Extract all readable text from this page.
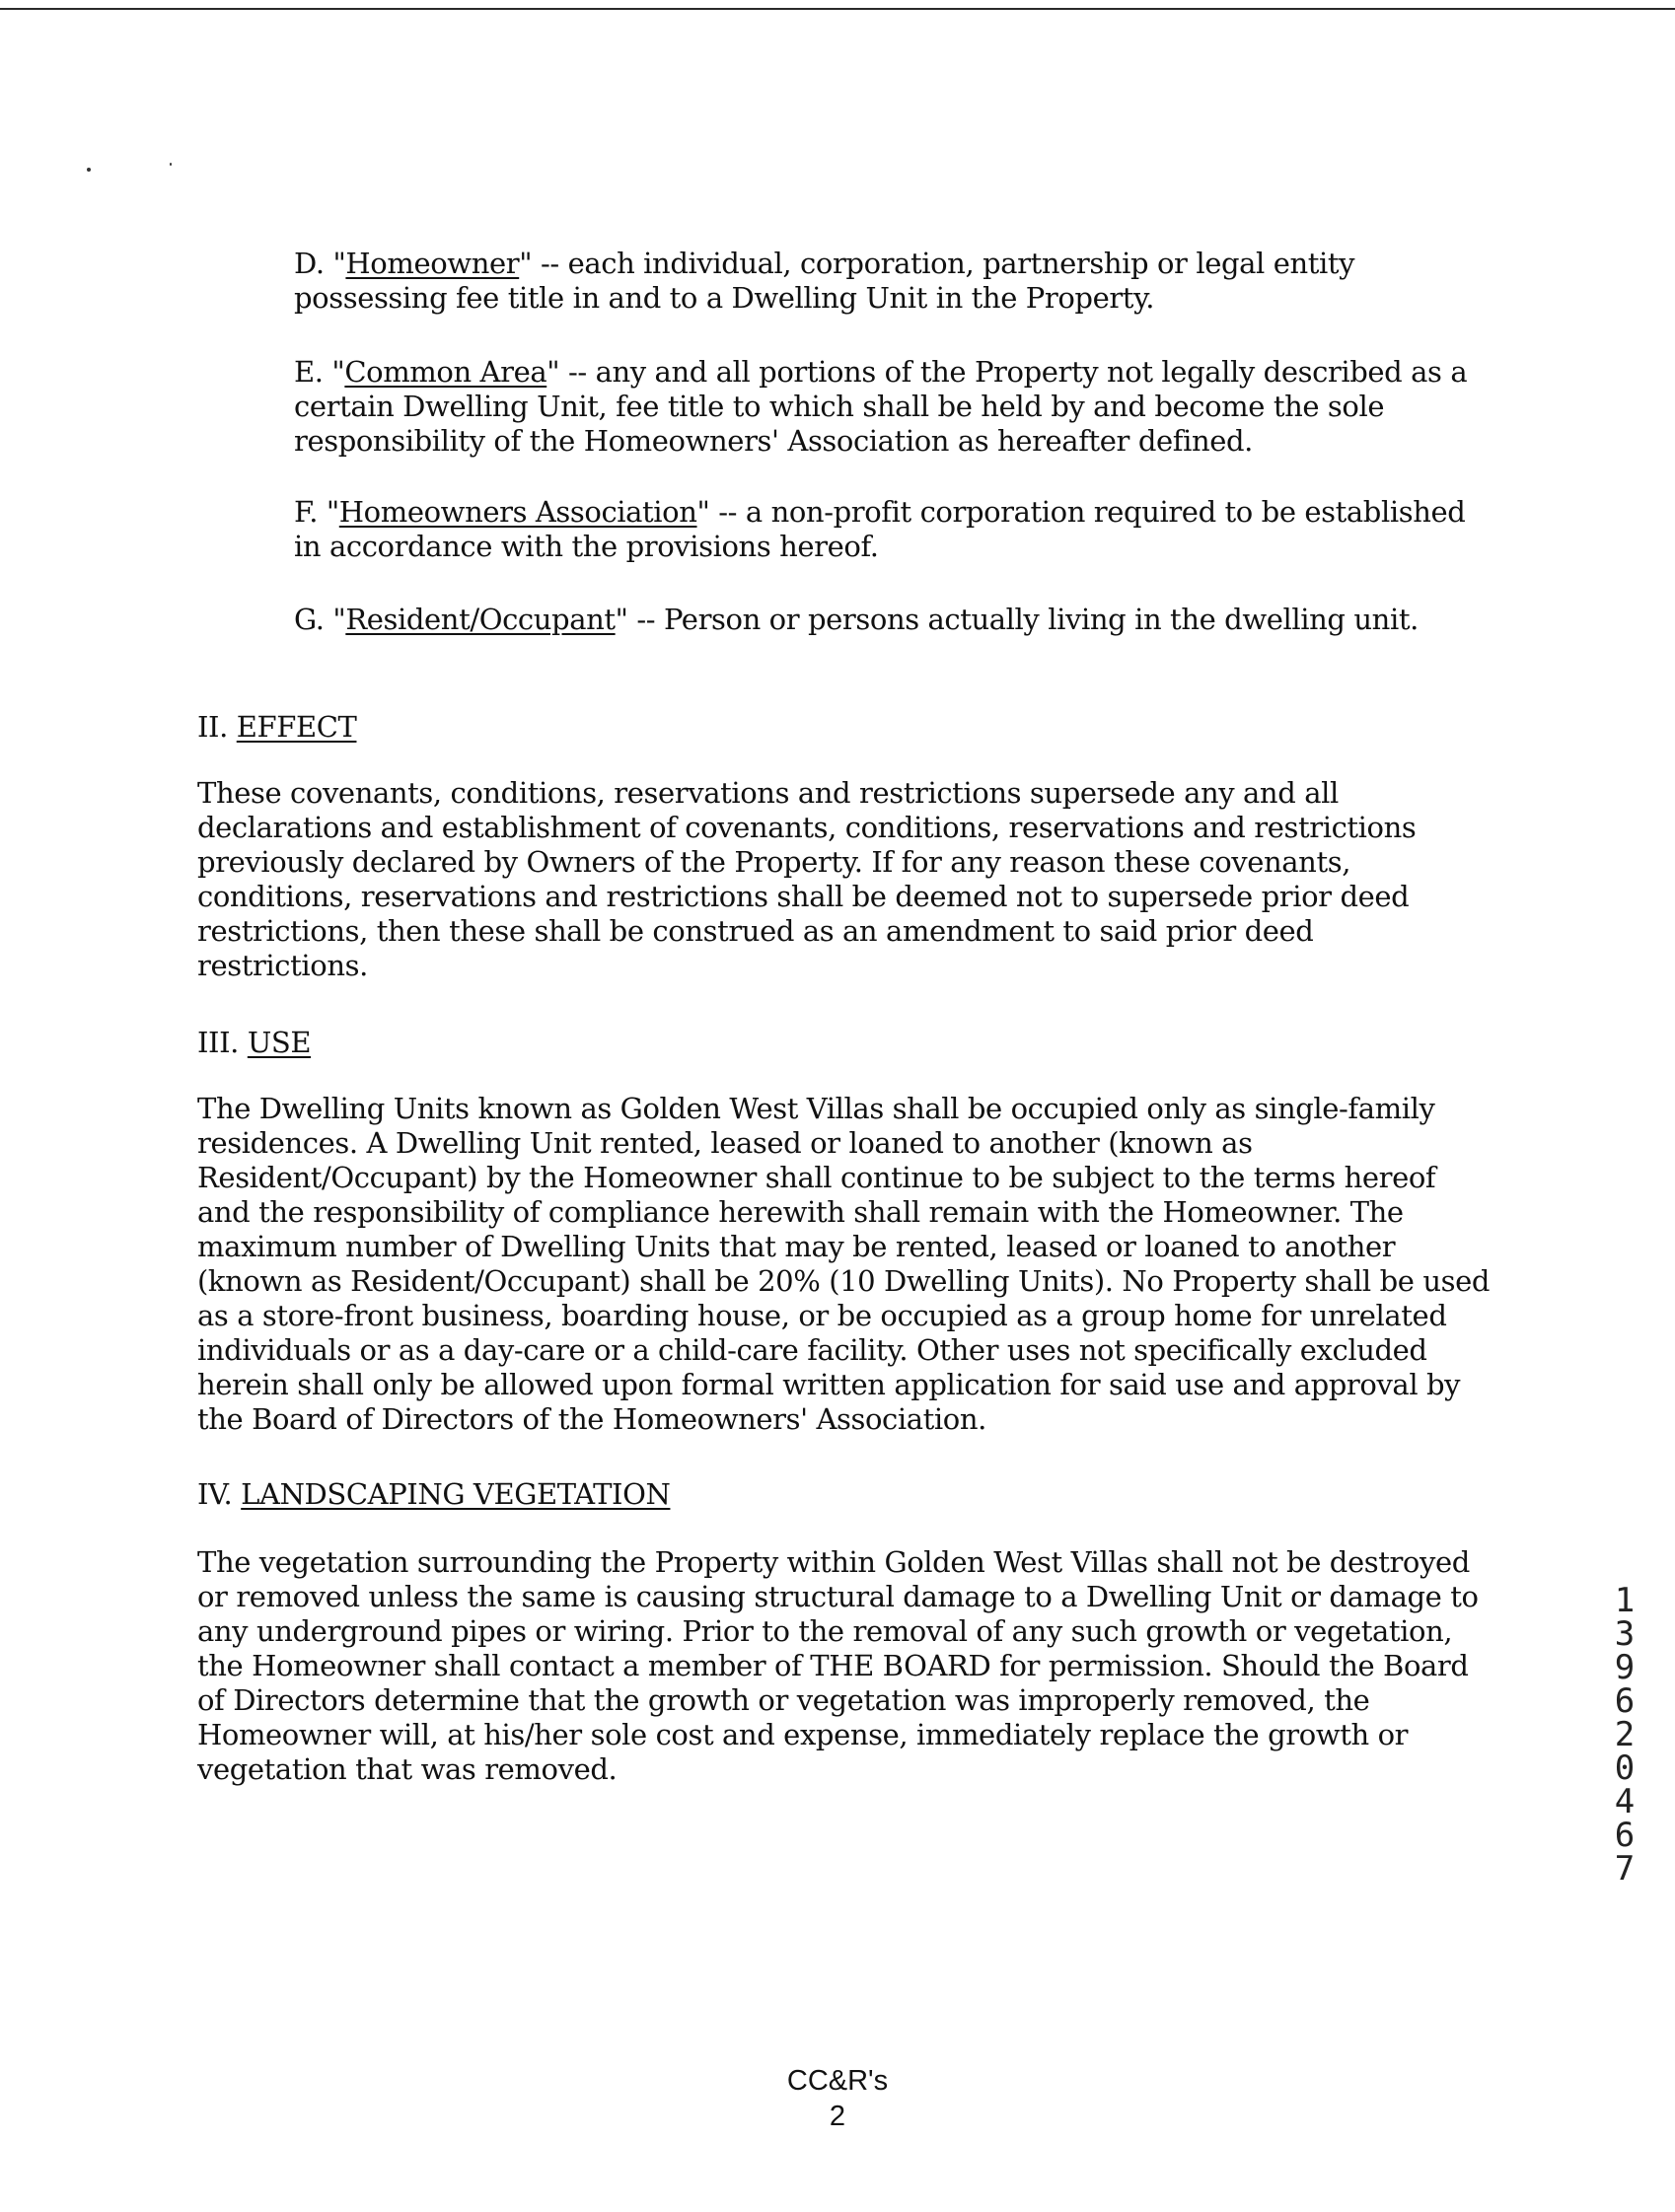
D. "Homeowner" -- each individual, corporation, partnership or legal entity possessing fee title in and to a Dwelling Unit in the Property.

E. "Common Area" -- any and all portions of the Property not legally described as a certain Dwelling Unit, fee title to which shall be held by and become the sole responsibility of the Homeowners' Association as hereafter defined.

F. "Homeowners Association" -- a non-profit corporation required to be established in accordance with the provisions hereof.

G. "Resident/Occupant" -- Person or persons actually living in the dwelling unit.

II. EFFECT

These covenants, conditions, reservations and restrictions supersede any and all declarations and establishment of covenants, conditions, reservations and restrictions previously declared by Owners of the Property. If for any reason these covenants, conditions, reservations and restrictions shall be deemed not to supersede prior deed restrictions, then these shall be construed as an amendment to said prior deed restrictions.

III. USE

The Dwelling Units known as Golden West Villas shall be occupied only as single-family residences. A Dwelling Unit rented, leased or loaned to another (known as Resident/Occupant) by the Homeowner shall continue to be subject to the terms hereof and the responsibility of compliance herewith shall remain with the Homeowner. The maximum number of Dwelling Units that may be rented, leased or loaned to another (known as Resident/Occupant) shall be 20% (10 Dwelling Units). No Property shall be used as a store-front business, boarding house, or be occupied as a group home for unrelated individuals or as a day-care or a child-care facility. Other uses not specifically excluded herein shall only be allowed upon formal written application for said use and approval by the Board of Directors of the Homeowners' Association.

IV. LANDSCAPING VEGETATION

The vegetation surrounding the Property within Golden West Villas shall not be destroyed or removed unless the same is causing structural damage to a Dwelling Unit or damage to any underground pipes or wiring. Prior to the removal of any such growth or vegetation, the Homeowner shall contact a member of THE BOARD for permission. Should the Board of Directors determine that the growth or vegetation was improperly removed, the Homeowner will, at his/her sole cost and expense, immediately replace the growth or vegetation that was removed.

139620467
CC&R's
2
